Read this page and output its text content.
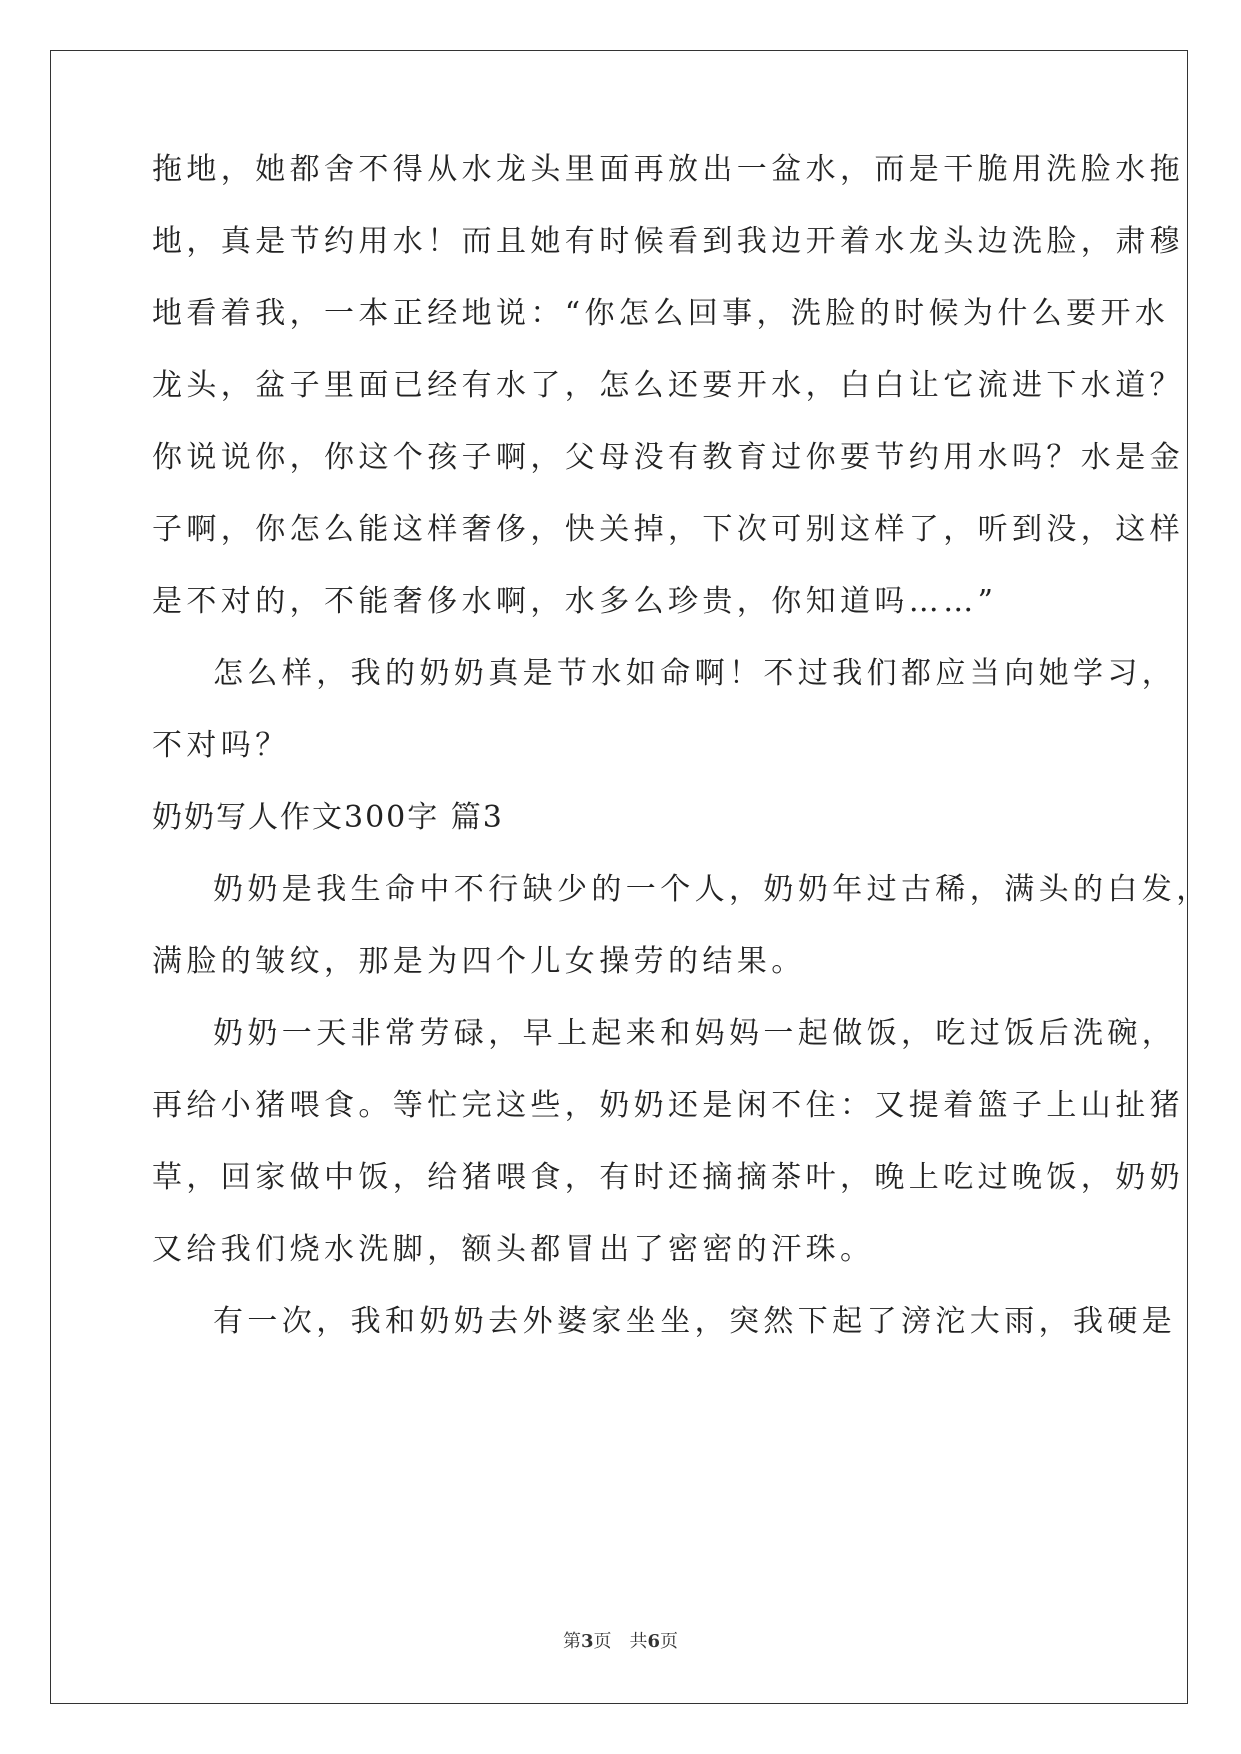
拖地，她都舍不得从水龙头里面再放出一盆水，而是干脆用洗脸水拖
地，真是节约用水！而且她有时候看到我边开着水龙头边洗脸，肃穆
地看着我，一本正经地说：“你怎么回事，洗脸的时候为什么要开水
龙头，盆子里面已经有水了，怎么还要开水，白白让它流进下水道？
你说说你，你这个孩子啊，父母没有教育过你要节约用水吗？水是金
子啊，你怎么能这样奢侈，快关掉，下次可别这样了，听到没，这样
是不对的，不能奢侈水啊，水多么珍贵，你知道吗……”
怎么样，我的奶奶真是节水如命啊！不过我们都应当向她学习，
不对吗？
奶奶写人作文300字 篇3
奶奶是我生命中不行缺少的一个人，奶奶年过古稀，满头的白发，
满脸的皱纹，那是为四个儿女操劳的结果。
奶奶一天非常劳碌，早上起来和妈妈一起做饭，吃过饭后洗碗，
再给小猪喂食。等忙完这些，奶奶还是闲不住：又提着篮子上山扯猪
草，回家做中饭，给猪喂食，有时还摘摘茶叶，晚上吃过晚饭，奶奶
又给我们烧水洗脚，额头都冒出了密密的汗珠。
有一次，我和奶奶去外婆家坐坐，突然下起了滂沱大雨，我硬是
第3页　共6页
